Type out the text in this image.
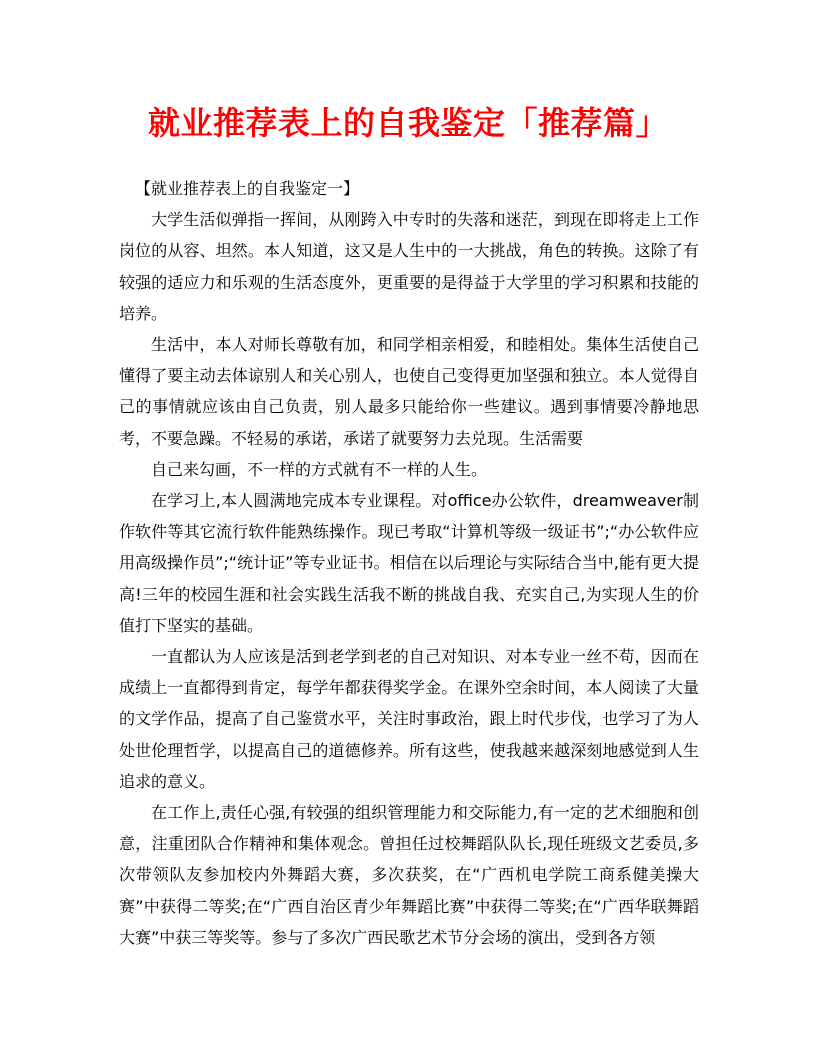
就业推荐表上的自我鉴定「推荐篇」

【就业推荐表上的自我鉴定一】

大学生活似弹指一挥间，从刚跨入中专时的失落和迷茫，到现在即将走上工作岗位的从容、坦然。本人知道，这又是人生中的一大挑战，角色的转换。这除了有较强的适应力和乐观的生活态度外，更重要的是得益于大学里的学习积累和技能的培养。

生活中，本人对师长尊敬有加，和同学相亲相爱，和睦相处。集体生活使自己懂得了要主动去体谅别人和关心别人，也使自己变得更加坚强和独立。本人觉得自己的事情就应该由自己负责，别人最多只能给你一些建议。遇到事情要冷静地思考，不要急躁。不轻易的承诺，承诺了就要努力去兑现。生活需要

自己来勾画，不一样的方式就有不一样的人生。

在学习上,本人圆满地完成本专业课程。对office办公软件，dreamweaver制作软件等其它流行软件能熟练操作。现已考取“计算机等级一级证书”;“办公软件应用高级操作员”;“统计证”等专业证书。相信在以后理论与实际结合当中,能有更大提高!三年的校园生涯和社会实践生活我不断的挑战自我、充实自己,为实现人生的价值打下坚实的基础。

一直都认为人应该是活到老学到老的自己对知识、对本专业一丝不苟，因而在成绩上一直都得到肯定，每学年都获得奖学金。在课外空余时间，本人阅读了大量的文学作品，提高了自己鉴赏水平，关注时事政治，跟上时代步伐，也学习了为人处世伦理哲学，以提高自己的道德修养。所有这些，使我越来越深刻地感觉到人生追求的意义。

在工作上,责任心强,有较强的组织管理能力和交际能力,有一定的艺术细胞和创意，注重团队合作精神和集体观念。曾担任过校舞蹈队队长,现任班级文艺委员,多次带领队友参加校内外舞蹈大赛，多次获奖，在“广西机电学院工商系健美操大赛”中获得二等奖;在“广西自治区青少年舞蹈比赛”中获得二等奖;在“广西华联舞蹈大赛”中获三等奖等。参与了多次广西民歌艺术节分会场的演出，受到各方领
